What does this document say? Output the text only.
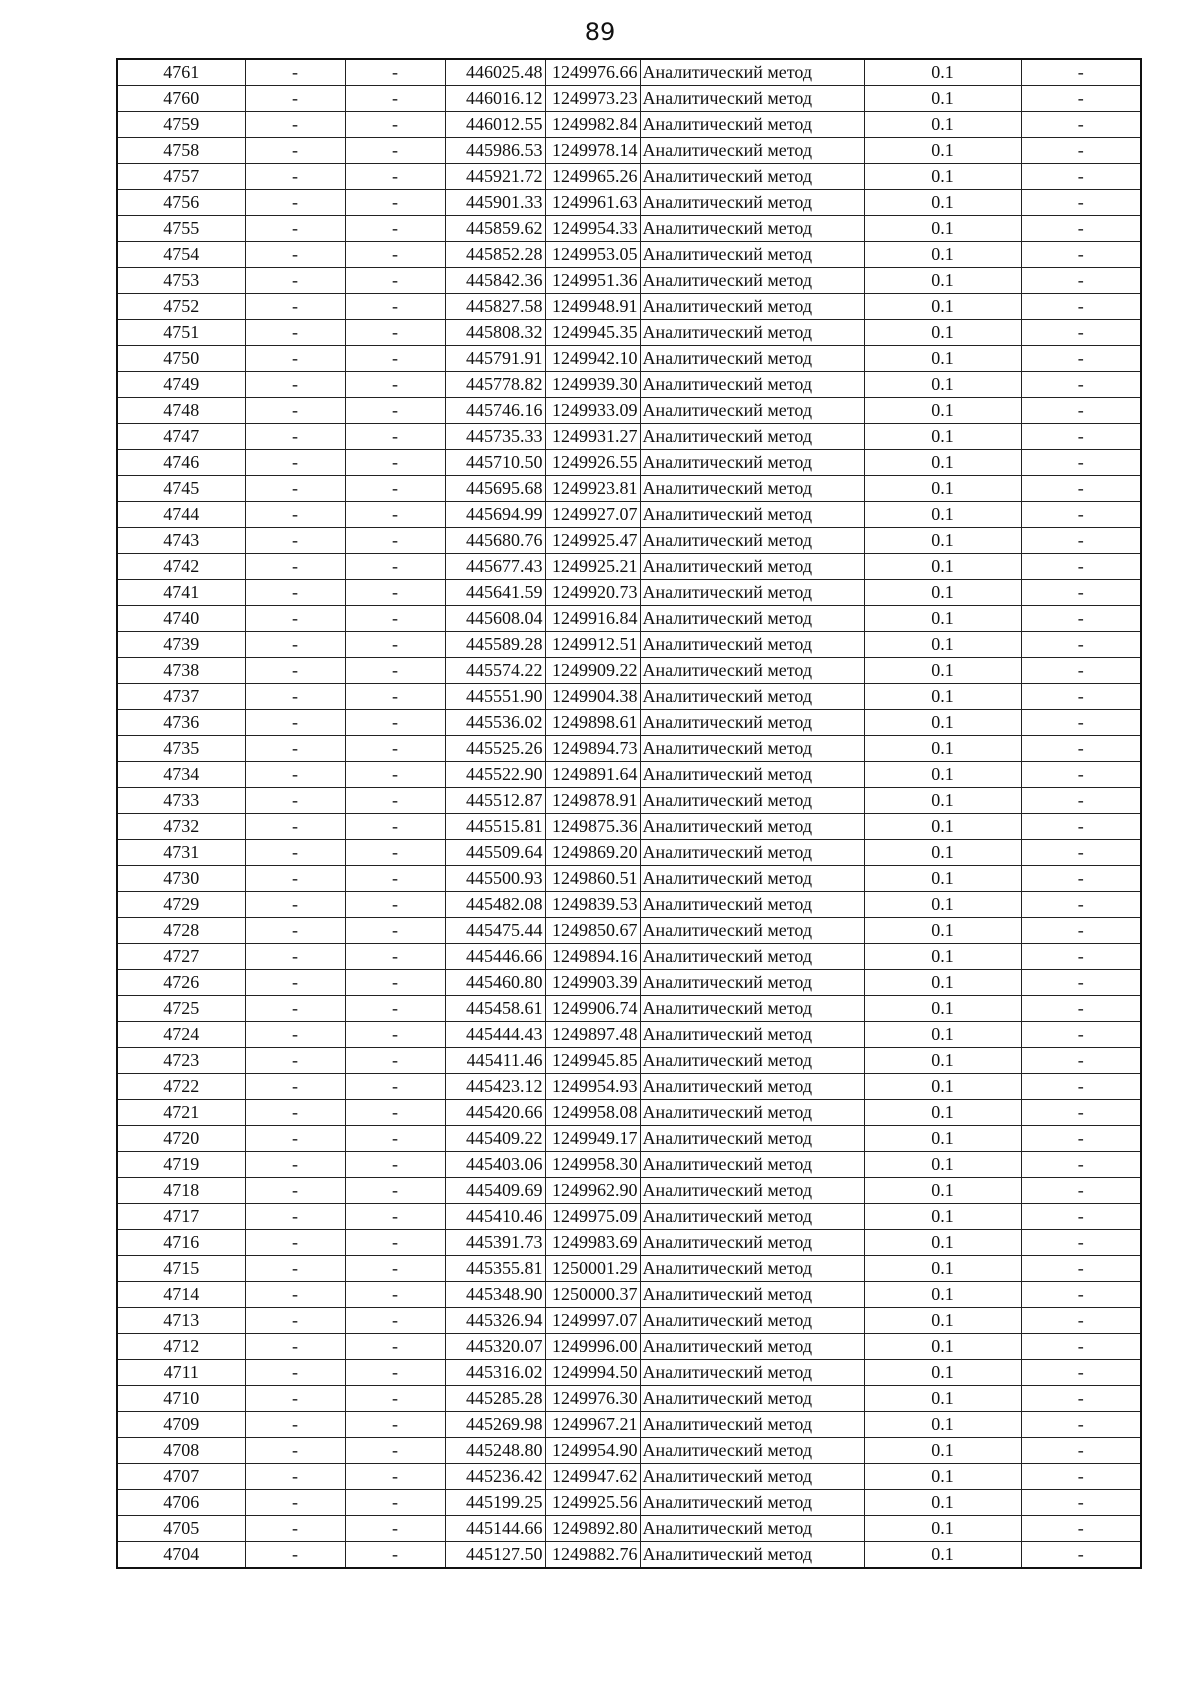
89
4761	-	-	446025.48	1249976.66	Аналитический метод	0.1	-
4760	-	-	446016.12	1249973.23	Аналитический метод	0.1	-
4759	-	-	446012.55	1249982.84	Аналитический метод	0.1	-
4758	-	-	445986.53	1249978.14	Аналитический метод	0.1	-
4757	-	-	445921.72	1249965.26	Аналитический метод	0.1	-
4756	-	-	445901.33	1249961.63	Аналитический метод	0.1	-
4755	-	-	445859.62	1249954.33	Аналитический метод	0.1	-
4754	-	-	445852.28	1249953.05	Аналитический метод	0.1	-
4753	-	-	445842.36	1249951.36	Аналитический метод	0.1	-
4752	-	-	445827.58	1249948.91	Аналитический метод	0.1	-
4751	-	-	445808.32	1249945.35	Аналитический метод	0.1	-
4750	-	-	445791.91	1249942.10	Аналитический метод	0.1	-
4749	-	-	445778.82	1249939.30	Аналитический метод	0.1	-
4748	-	-	445746.16	1249933.09	Аналитический метод	0.1	-
4747	-	-	445735.33	1249931.27	Аналитический метод	0.1	-
4746	-	-	445710.50	1249926.55	Аналитический метод	0.1	-
4745	-	-	445695.68	1249923.81	Аналитический метод	0.1	-
4744	-	-	445694.99	1249927.07	Аналитический метод	0.1	-
4743	-	-	445680.76	1249925.47	Аналитический метод	0.1	-
4742	-	-	445677.43	1249925.21	Аналитический метод	0.1	-
4741	-	-	445641.59	1249920.73	Аналитический метод	0.1	-
4740	-	-	445608.04	1249916.84	Аналитический метод	0.1	-
4739	-	-	445589.28	1249912.51	Аналитический метод	0.1	-
4738	-	-	445574.22	1249909.22	Аналитический метод	0.1	-
4737	-	-	445551.90	1249904.38	Аналитический метод	0.1	-
4736	-	-	445536.02	1249898.61	Аналитический метод	0.1	-
4735	-	-	445525.26	1249894.73	Аналитический метод	0.1	-
4734	-	-	445522.90	1249891.64	Аналитический метод	0.1	-
4733	-	-	445512.87	1249878.91	Аналитический метод	0.1	-
4732	-	-	445515.81	1249875.36	Аналитический метод	0.1	-
4731	-	-	445509.64	1249869.20	Аналитический метод	0.1	-
4730	-	-	445500.93	1249860.51	Аналитический метод	0.1	-
4729	-	-	445482.08	1249839.53	Аналитический метод	0.1	-
4728	-	-	445475.44	1249850.67	Аналитический метод	0.1	-
4727	-	-	445446.66	1249894.16	Аналитический метод	0.1	-
4726	-	-	445460.80	1249903.39	Аналитический метод	0.1	-
4725	-	-	445458.61	1249906.74	Аналитический метод	0.1	-
4724	-	-	445444.43	1249897.48	Аналитический метод	0.1	-
4723	-	-	445411.46	1249945.85	Аналитический метод	0.1	-
4722	-	-	445423.12	1249954.93	Аналитический метод	0.1	-
4721	-	-	445420.66	1249958.08	Аналитический метод	0.1	-
4720	-	-	445409.22	1249949.17	Аналитический метод	0.1	-
4719	-	-	445403.06	1249958.30	Аналитический метод	0.1	-
4718	-	-	445409.69	1249962.90	Аналитический метод	0.1	-
4717	-	-	445410.46	1249975.09	Аналитический метод	0.1	-
4716	-	-	445391.73	1249983.69	Аналитический метод	0.1	-
4715	-	-	445355.81	1250001.29	Аналитический метод	0.1	-
4714	-	-	445348.90	1250000.37	Аналитический метод	0.1	-
4713	-	-	445326.94	1249997.07	Аналитический метод	0.1	-
4712	-	-	445320.07	1249996.00	Аналитический метод	0.1	-
4711	-	-	445316.02	1249994.50	Аналитический метод	0.1	-
4710	-	-	445285.28	1249976.30	Аналитический метод	0.1	-
4709	-	-	445269.98	1249967.21	Аналитический метод	0.1	-
4708	-	-	445248.80	1249954.90	Аналитический метод	0.1	-
4707	-	-	445236.42	1249947.62	Аналитический метод	0.1	-
4706	-	-	445199.25	1249925.56	Аналитический метод	0.1	-
4705	-	-	445144.66	1249892.80	Аналитический метод	0.1	-
4704	-	-	445127.50	1249882.76	Аналитический метод	0.1	-
